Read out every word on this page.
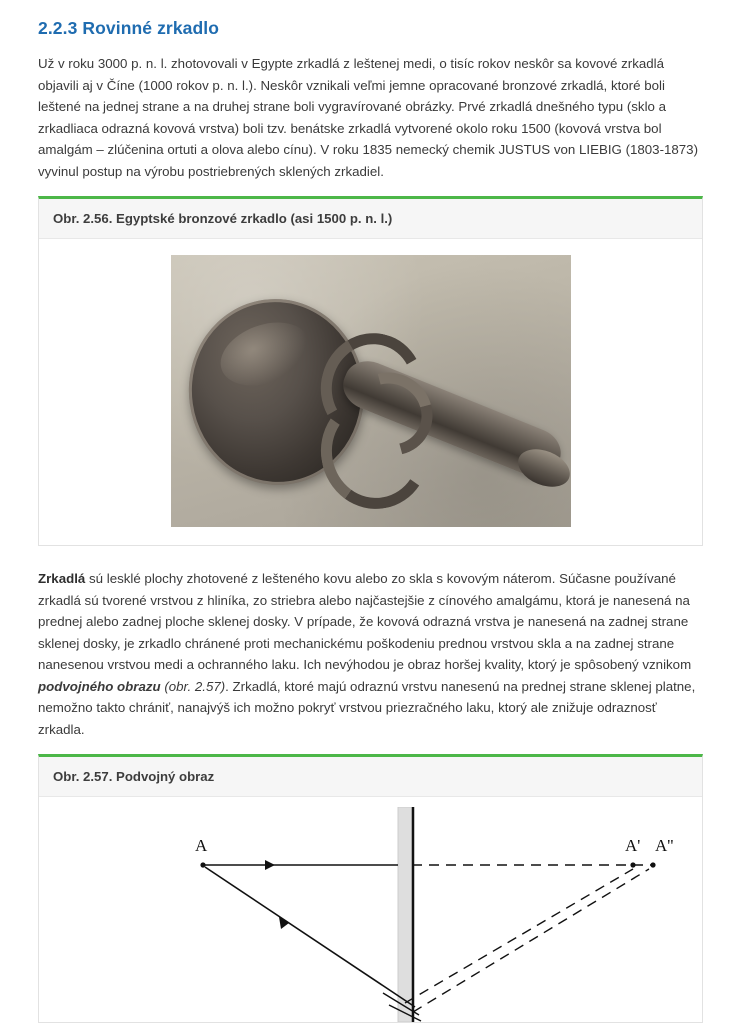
2.2.3 Rovinné zrkadlo

Už v roku 3000 p. n. l. zhotovovali v Egypte zrkadlá z leštenej medi, o tisíc rokov neskôr sa kovové zrkadlá objavili aj v Číne (1000 rokov p. n. l.). Neskôr vznikali veľmi jemne opracované bronzové zrkadlá, ktoré boli leštené na jednej strane a na druhej strane boli vygravírované obrázky. Prvé zrkadlá dnešného typu (sklo a zrkadliaca odrazná kovová vrstva) boli tzv. benátske zrkadlá vytvorené okolo roku 1500 (kovová vrstva bol amalgám – zlúčenina ortuti a olova alebo cínu). V roku 1835 nemecký chemik JUSTUS von LIEBIG (1803-1873) vyvinul postup na výrobu postriebrených sklených zrkadiel.

Obr. 2.56. Egyptské bronzové zrkadlo (asi 1500 p. n. l.)

Zrkadlá sú lesklé plochy zhotovené z lešteného kovu alebo zo skla s kovovým náterom. Súčasne používané zrkadlá sú tvorené vrstvou z hliníka, zo striebra alebo najčastejšie z cínového amalgámu, ktorá je nanesená na prednej alebo zadnej ploche sklenej dosky. V prípade, že kovová odrazná vrstva je nanesená na zadnej strane sklenej dosky, je zrkadlo chránené proti mechanickému poškodeniu prednou vrstvou skla a na zadnej strane nanesenou vrstvou medi a ochranného laku. Ich nevýhodou je obraz horšej kvality, ktorý je spôsobený vznikom podvojného obrazu (obr. 2.57). Zrkadlá, ktoré majú odraznú vrstvu nanesenú na prednej strane sklenej platne, nemožno takto chrániť, nanajvýš ich možno pokryť vrstvou priezračného laku, ktorý ale znižuje odraznosť zrkadla.

Obr. 2.57. Podvojný obraz
A	A' A''
